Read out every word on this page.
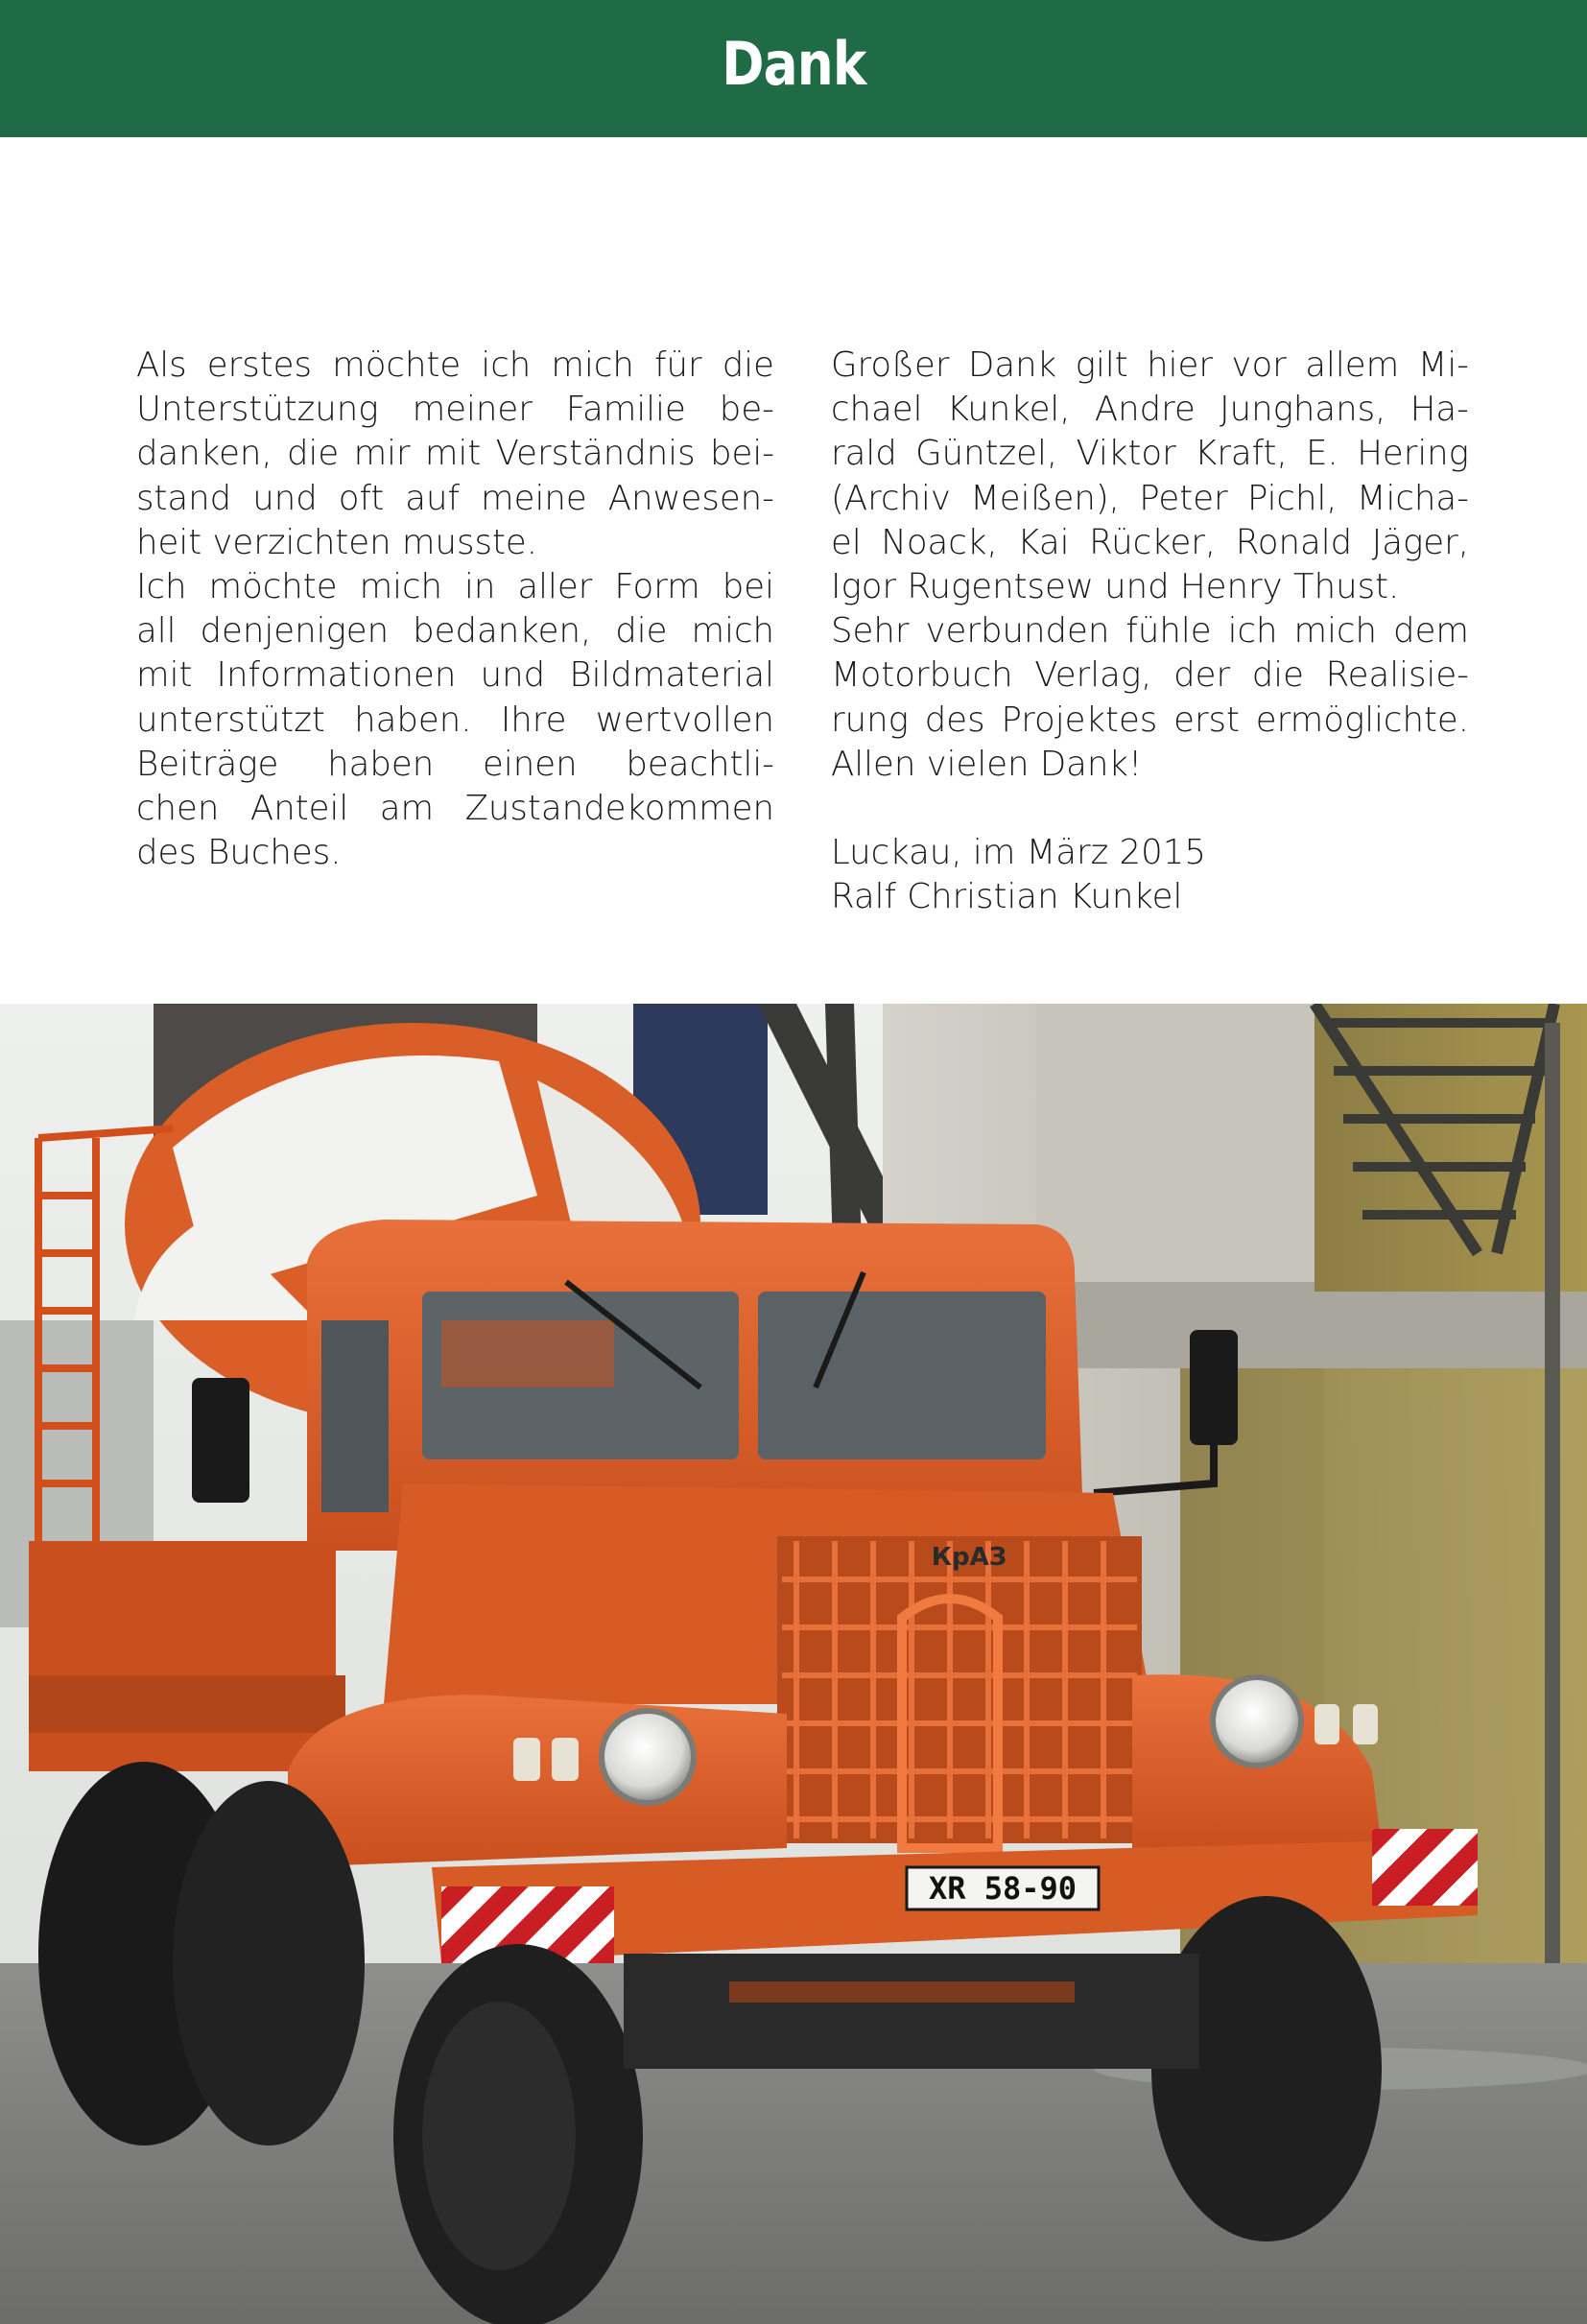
Dank
Als erstes möchte ich mich für die
Unterstützung meiner Familie be-
danken, die mir mit Verständnis bei-
stand und oft auf meine Anwesen-
heit verzichten musste.
Ich möchte mich in aller Form bei
all denjenigen bedanken, die mich
mit Informationen und Bildmaterial
unterstützt haben. Ihre wertvollen
Beiträge haben einen beachtli-
chen Anteil am Zustandekommen
des Buches.
Großer Dank gilt hier vor allem Mi-
chael Kunkel, Andre Junghans, Ha-
rald Güntzel, Viktor Kraft, E. Hering
(Archiv Meißen), Peter Pichl, Micha-
el Noack, Kai Rücker, Ronald Jäger,
Igor Rugentsew und Henry Thust.
Sehr verbunden fühle ich mich dem
Motorbuch Verlag, der die Realisie-
rung des Projektes erst ermöglichte.
Allen vielen Dank!
Luckau, im März 2015
Ralf Christian Kunkel
КрАЗ
XR 58-90
